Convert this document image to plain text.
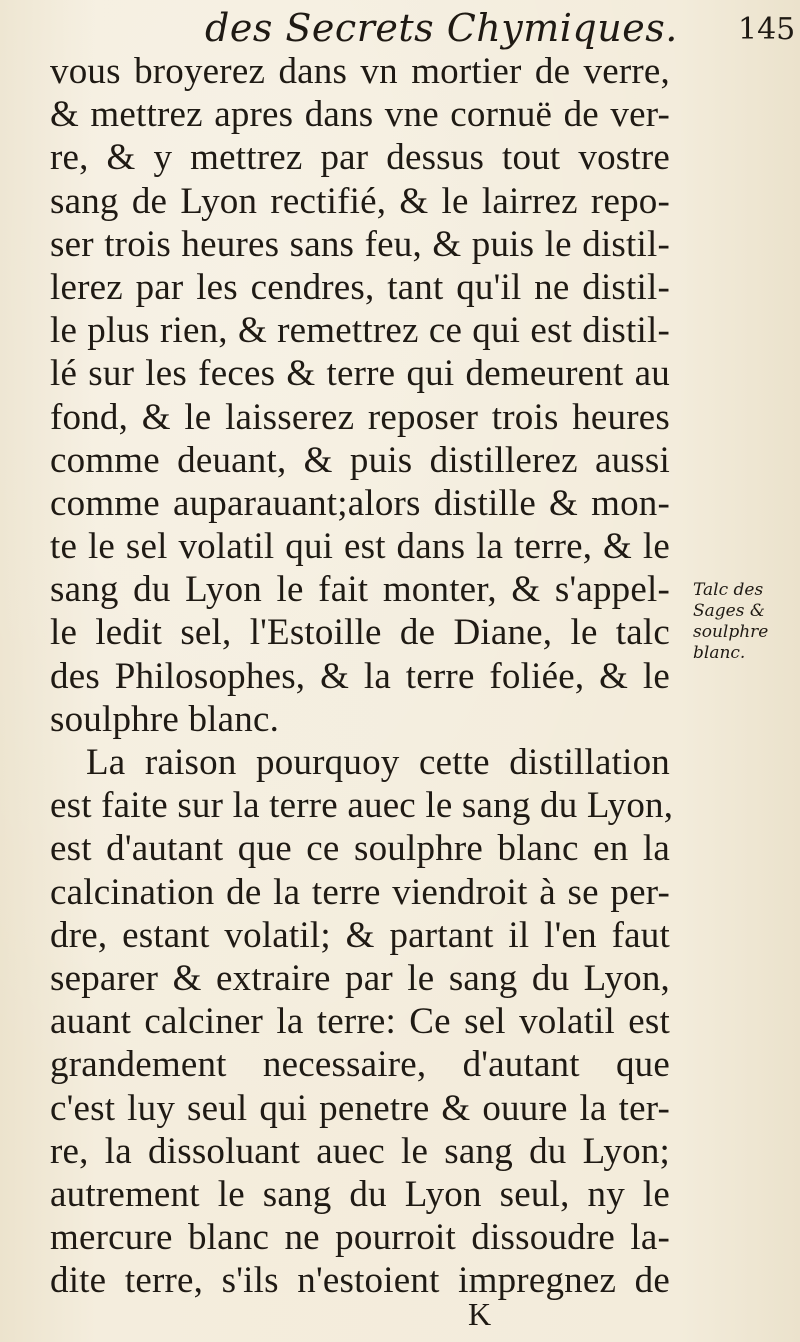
des Secrets Chymiques. 145
vous broyerez dans vn mortier de verre,
& mettrez apres dans vne cornuë de ver-
re, & y mettrez par dessus tout vostre
sang de Lyon rectifié, & le lairrez repo-
ser trois heures sans feu, & puis le distil-
lerez par les cendres, tant qu'il ne distil-
le plus rien, & remettrez ce qui est distil-
lé sur les feces & terre qui demeurent au
fond, & le laisserez reposer trois heures
comme deuant, & puis distillerez aussi
comme auparauant;alors distille & mon-
te le sel volatil qui est dans la terre, & le
sang du Lyon le fait monter, & s'appel-
le ledit sel, l'Estoille de Diane, le talc
des Philosophes, & la terre foliée, & le
soulphre blanc.
La raison pourquoy cette distillation
est faite sur la terre auec le sang du Lyon,
est d'autant que ce soulphre blanc en la
calcination de la terre viendroit à se per-
dre, estant volatil; & partant il l'en faut
separer & extraire par le sang du Lyon,
auant calciner la terre: Ce sel volatil est
grandement necessaire, d'autant que
c'est luy seul qui penetre & ouure la ter-
re, la dissoluant auec le sang du Lyon;
autrement le sang du Lyon seul, ny le
mercure blanc ne pourroit dissoudre la-
dite terre, s'ils n'estoient impregnez de
Talc des
Sages &
soulphre
blanc.
K
